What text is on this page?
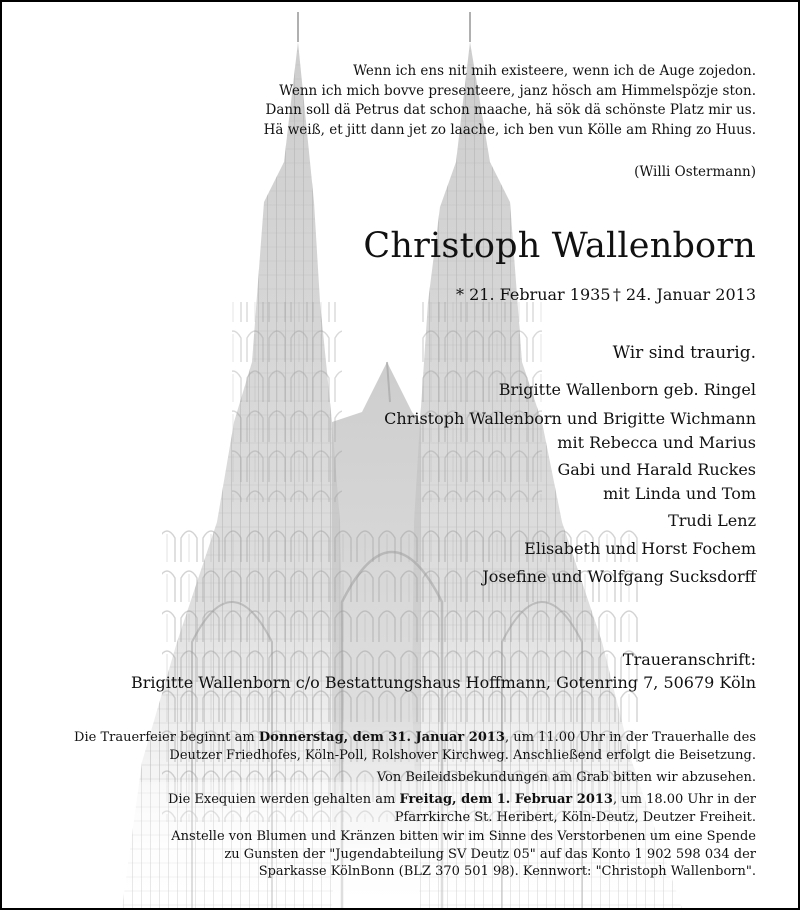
Wenn ich ens nit mih existeere, wenn ich de Auge zojedon.
Wenn ich mich bovve presenteere, janz hösch am Himmelspözje ston.
Dann soll dä Petrus dat schon maache, hä sök dä schönste Platz mir us.
Hä weiß, et jitt dann jet zo laache, ich ben vun Kölle am Rhing zo Huus.
(Willi Ostermann)
Christoph Wallenborn
* 21. Februar 1935 † 24. Januar 2013
Wir sind traurig.
Brigitte Wallenborn geb. Ringel
Christoph Wallenborn und Brigitte Wichmann
mit Rebecca und Marius
Gabi und Harald Ruckes
mit Linda und Tom
Trudi Lenz
Elisabeth und Horst Fochem
Josefine und Wolfgang Sucksdorff
Traueranschrift:
Brigitte Wallenborn c/o Bestattungshaus Hoffmann, Gotenring 7, 50679 Köln
Die Trauerfeier beginnt am Donnerstag, dem 31. Januar 2013, um 11.00 Uhr in der Trauerhalle des
Deutzer Friedhofes, Köln-Poll, Rolshover Kirchweg. Anschließend erfolgt die Beisetzung.
Von Beileidsbekundungen am Grab bitten wir abzusehen.
Die Exequien werden gehalten am Freitag, dem 1. Februar 2013, um 18.00 Uhr in der
Pfarrkirche St. Heribert, Köln-Deutz, Deutzer Freiheit.
Anstelle von Blumen und Kränzen bitten wir im Sinne des Verstorbenen um eine Spende
zu Gunsten der "Jugendabteilung SV Deutz 05" auf das Konto 1 902 598 034 der
Sparkasse KölnBonn (BLZ 370 501 98). Kennwort: "Christoph Wallenborn".
